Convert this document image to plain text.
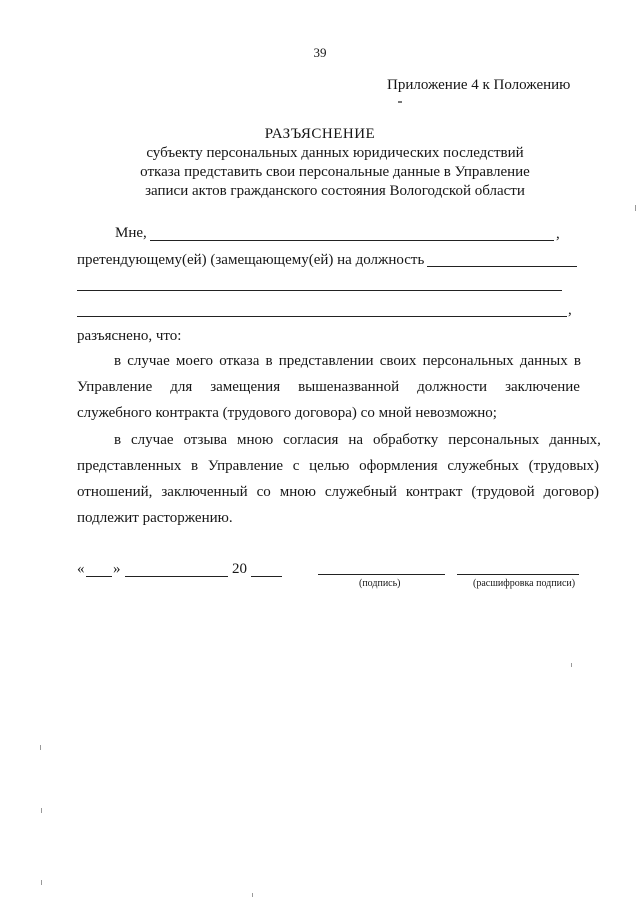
39
Приложение 4 к Положению
РАЗЪЯСНЕНИЕ
субъекту персональных данных юридических последствий
отказа представить свои персональные данные в Управление
записи актов гражданского состояния Вологодской области
Мне,	,
претендующему(ей) (замещающему(ей) на должность
,
разъяснено, что:
в случае моего отказа в представлении своих персональных данных в
Управление для замещения вышеназванной должности заключение
служебного контракта (трудового договора) со мной невозможно;
в случае отзыва мною согласия на обработку персональных данных,
представленных в Управление с целью оформления служебных (трудовых)
отношений, заключенный со мною служебный контракт (трудовой договор)
подлежит расторжению.
« »	20
(подпись)	(расшифровка подписи)
